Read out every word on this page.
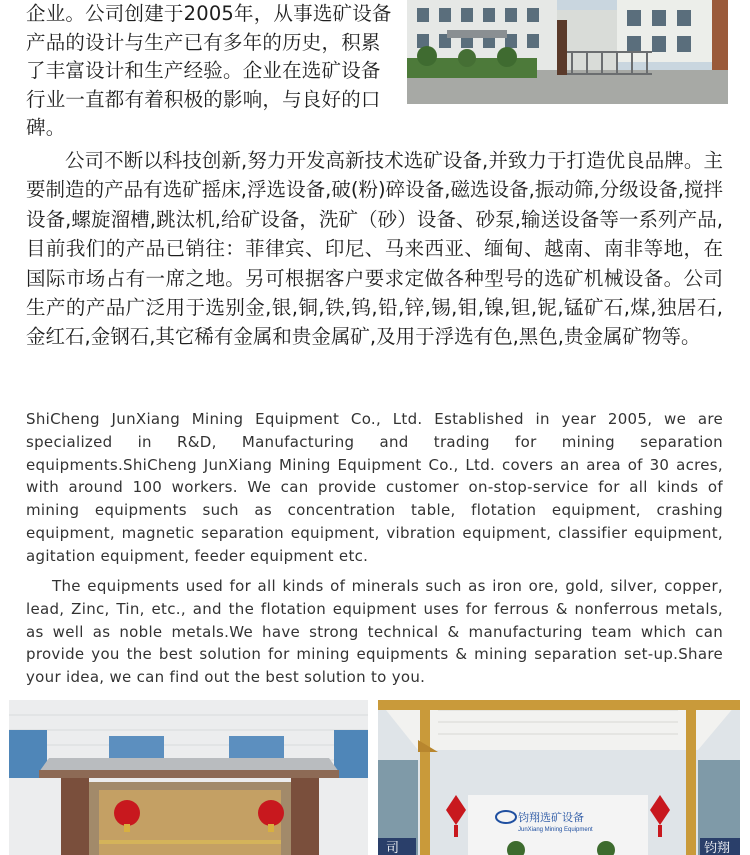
企业。公司创建于2005年，从事选矿设备产品的设计与生产已有多年的历史，积累了丰富设计和生产经验。企业在选矿设备行业一直都有着积极的影响，与良好的口碑。

公司不断以科技创新,努力开发高新技术选矿设备,并致力于打造优良品牌。主要制造的产品有选矿摇床,浮选设备,破(粉)碎设备,磁选设备,振动筛,分级设备,搅拌设备,螺旋溜槽,跳汰机,给矿设备，洗矿（砂）设备、砂泵,输送设备等一系列产品,目前我们的产品已销往：菲律宾、印尼、马来西亚、缅甸、越南、南非等地，在国际市场占有一席之地。另可根据客户要求定做各种型号的选矿机械设备。公司生产的产品广泛用于选别金,银,铜,铁,钨,铅,锌,锡,钼,镍,钽,铌,锰矿石,煤,独居石,金红石,金钢石,其它稀有金属和贵金属矿,及用于浮选有色,黑色,贵金属矿物等。

ShiCheng JunXiang Mining Equipment Co., Ltd. Established in year 2005, we are specialized in R&D, Manufacturing and trading for mining separation equipments.ShiCheng JunXiang Mining Equipment Co., Ltd. covers an area of 30 acres, with around 100 workers. We can provide customer on-stop-service for all kinds of mining equipments such as concentration table, flotation equipment, crashing equipment, magnetic separation equipment, vibration equipment, classifier equipment, agitation equipment, feeder equipment etc.

The equipments used for all kinds of minerals such as iron ore, gold, silver, copper, lead, Zinc, Tin, etc., and the flotation equipment uses for ferrous & nonferrous metals, as well as noble metals.We have strong technical & manufacturing team which can provide you the best solution for mining equipments & mining separation set-up.Share your idea, we can find out the best solution to you.

钧翔选矿设备
JunXiang Mining Equipment
司	钧翔
